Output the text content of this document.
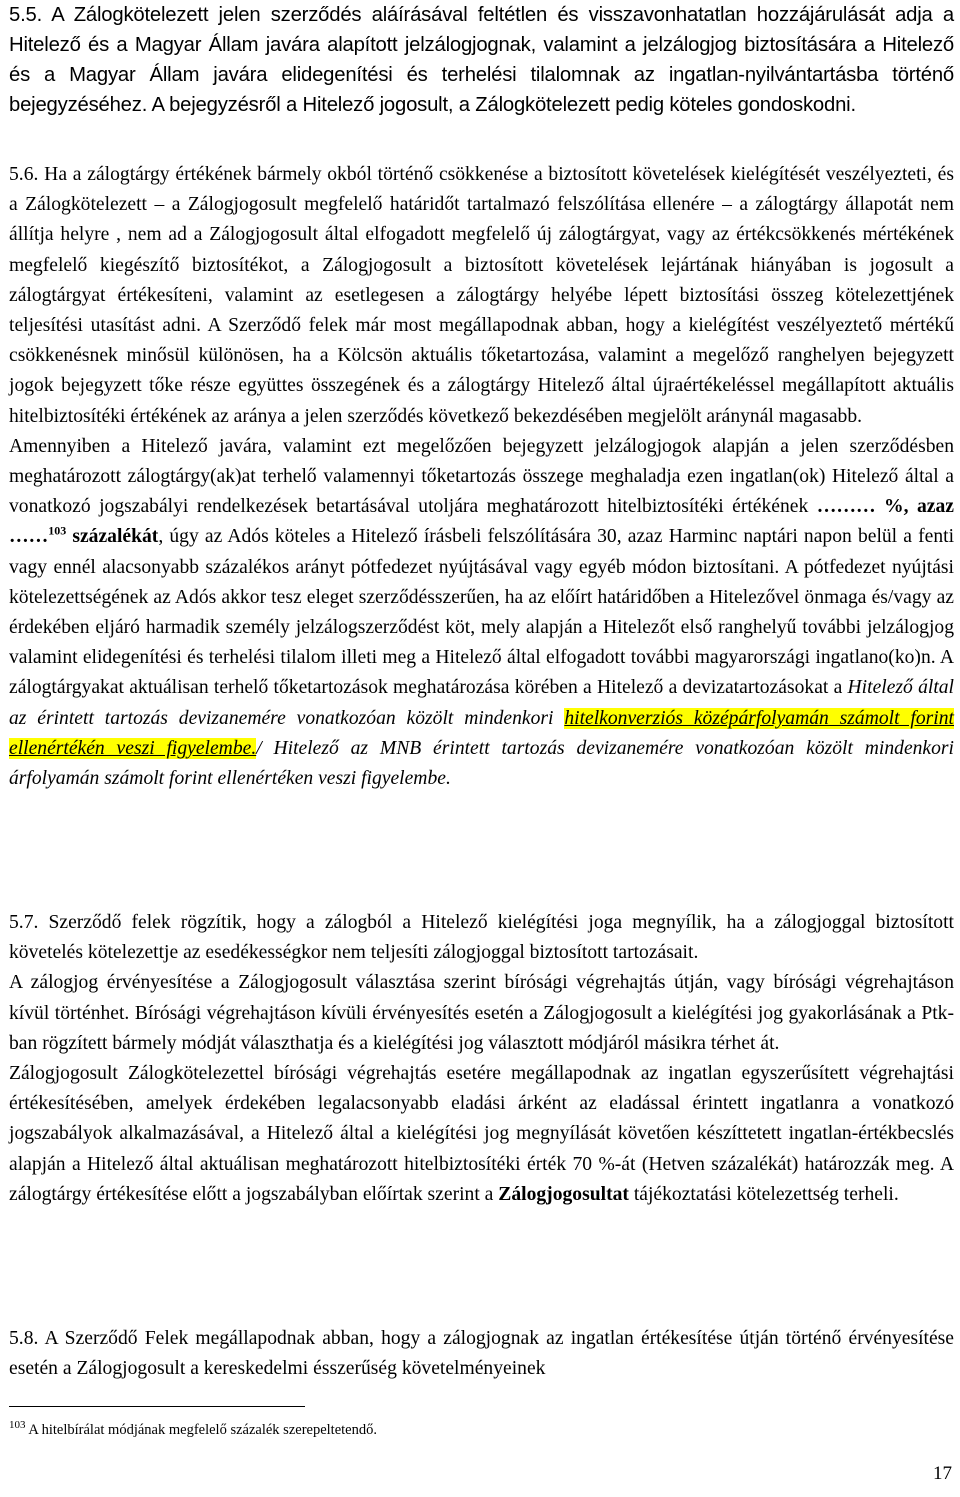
5.5. A Zálogkötelezett jelen szerződés aláírásával feltétlen és visszavonhatatlan hozzájárulását adja a Hitelező és a Magyar Állam javára alapított jelzálogjognak, valamint a jelzálogjog biztosítására a Hitelező és a Magyar Állam javára elidegenítési és terhelési tilalomnak az ingatlan-nyilvántartásba történő bejegyzéséhez. A bejegyzésről a Hitelező jogosult, a Zálogkötelezett pedig köteles gondoskodni.

5.6. Ha a zálogtárgy értékének bármely okból történő csökkenése a biztosított követelések kielégítését veszélyezteti, és a Zálogkötelezett – a Zálogjogosult megfelelő határidőt tartalmazó felszólítása ellenére – a zálogtárgy állapotát nem állítja helyre , nem ad a Zálogjogosult által elfogadott megfelelő új zálogtárgyat, vagy az értékcsökkenés mértékének megfelelő kiegészítő biztosítékot, a Zálogjogosult a biztosított követelések lejártának hiányában is jogosult a zálogtárgyat értékesíteni, valamint az esetlegesen a zálogtárgy helyébe lépett biztosítási összeg kötelezettjének teljesítési utasítást adni. A Szerződő felek már most megállapodnak abban, hogy a kielégítést veszélyeztető mértékű csökkenésnek minősül különösen, ha a Kölcsön aktuális tőketartozása, valamint a megelőző ranghelyen bejegyzett jogok bejegyzett tőke része együttes összegének és a zálogtárgy Hitelező által újraértékeléssel megállapított aktuális hitelbiztosítéki értékének az aránya a jelen szerződés következő bekezdésében megjelölt aránynál magasabb.

Amennyiben a Hitelező javára, valamint ezt megelőzően bejegyzett jelzálogjogok alapján a jelen szerződésben meghatározott zálogtárgy(ak)at terhelő valamennyi tőketartozás összege meghaladja ezen ingatlan(ok) Hitelező által a vonatkozó jogszabályi rendelkezések betartásával utoljára meghatározott hitelbiztosítéki értékének ……… %, azaz ……$^{103}$ százalékát, úgy az Adós köteles a Hitelező írásbeli felszólítására 30, azaz Harminc naptári napon belül a fenti vagy ennél alacsonyabb százalékos arányt pótfedezet nyújtásával vagy egyéb módon biztosítani. A pótfedezet nyújtási kötelezettségének az Adós akkor tesz eleget szerződésszerűen, ha az előírt határidőben a Hitelezővel önmaga és/vagy az érdekében eljáró harmadik személy jelzálogszerződést köt, mely alapján a Hitelezőt első ranghelyű további jelzálogjog valamint elidegenítési és terhelési tilalom illeti meg a Hitelező által elfogadott további magyarországi ingatlano(ko)n. A zálogtárgyakat aktuálisan terhelő tőketartozások meghatározása körében a Hitelező a devizatartozásokat a Hitelező által az érintett tartozás devizanemére vonatkozóan közölt mindenkori hitelkonverziós középárfolyamán számolt forint ellenértékén veszi figyelembe./ Hitelező az MNB érintett tartozás devizanemére vonatkozóan közölt mindenkori árfolyamán számolt forint ellenértéken veszi figyelembe.

5.7. Szerződő felek rögzítik, hogy a zálogból a Hitelező kielégítési joga megnyílik, ha a zálogjoggal biztosított követelés kötelezettje az esedékességkor nem teljesíti zálogjoggal biztosított tartozásait.

A zálogjog érvényesítése a Zálogjogosult választása szerint bírósági végrehajtás útján, vagy bírósági végrehajtáson kívül történhet. Bírósági végrehajtáson kívüli érvényesítés esetén a Zálogjogosult a kielégítési jog gyakorlásának a Ptk-ban rögzített bármely módját választhatja és a kielégítési jog választott módjáról másikra térhet át.

Zálogjogosult Zálogkötelezettel bírósági végrehajtás esetére megállapodnak az ingatlan egyszerűsített végrehajtási értékesítésében, amelyek érdekében legalacsonyabb eladási árként az eladással érintett ingatlanra a vonatkozó jogszabályok alkalmazásával, a Hitelező által a kielégítési jog megnyílását követően készíttetett ingatlan-értékbecslés alapján a Hitelező által aktuálisan meghatározott hitelbiztosítéki érték 70 %-át (Hetven százalékát) határozzák meg. A zálogtárgy értékesítése előtt a jogszabályban előírtak szerint a Zálogjogosultat tájékoztatási kötelezettség terheli.

5.8. A Szerződő Felek megállapodnak abban, hogy a zálogjognak az ingatlan értékesítése útján történő érvényesítése esetén a Zálogjogosult a kereskedelmi ésszerűség követelményeinek

$^{103}$ A hitelbírálat módjának megfelelő százalék szerepeltetendő.
17
